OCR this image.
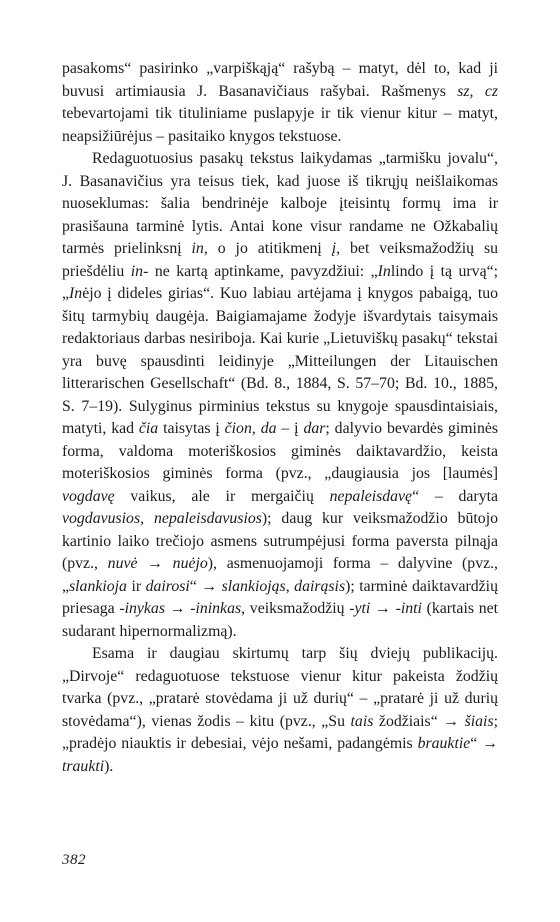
pasakoms“ pasirinko „varpiškąją“ rašybą – matyt, dėl to, kad ji buvusi artimiausia J. Basanavičiaus rašybai. Rašmenys sz, cz tebevartojami tik tituliniame puslapyje ir tik vienur kitur – matyt, neapsižiūrėjus – pasitaiko knygos tekstuose.

Redaguotuosius pasakų tekstus laikydamas „tarmišku jovalu“, J. Basanavičius yra teisus tiek, kad juose iš tikrųjų neišlaikomas nuoseklumas: šalia bendrinėje kalboje įteisintų formų ima ir prasišauna tarminė lytis. Antai kone visur randame ne Ožkabalių tarmės prielinksnį in, o jo atitikmenį į, bet veiksmažodžių su priešdėliu in- ne kartą aptinkame, pavyzdžiui: „Inlindo į tą urvą“; „Inėjo į dideles girias“. Kuo labiau artėjama į knygos pabaigą, tuo šitų tarmybių daugėja. Baigiamajame žodyje išvardytais taisymais redaktoriaus darbas nesiriboja. Kai kurie „Lietuviškų pasakų“ tekstai yra buvę spausdinti leidinyje „Mitteilungen der Litauischen litterarischen Gesellschaft“ (Bd. 8., 1884, S. 57–70; Bd. 10., 1885, S. 7–19). Sulyginus pirminius tekstus su knygoje spausdintaisiais, matyti, kad čia taisytas į čion, da – į dar; dalyvio bevardės giminės forma, valdoma moteriškosios giminės daiktavardžio, keista moteriškosios giminės forma (pvz., „daugiausia jos [laumės] vogdavę vaikus, ale ir mergaičių nepaleisdavę“ – daryta vogdavusios, nepaleisdavusios); daug kur veiksmažodžio būtojo kartinio laiko trečiojo asmens sutrumpėjusi forma paversta pilnąja (pvz., nuvė → nuėjo), asmenuojamoji forma – dalyvine (pvz., „slankioja ir dairosi“ → slankiojąs, dairąsis); tarminė daiktavardžių priesaga -inykas → -ininkas, veiksmažodžių -yti → -inti (kartais net sudarant hipernormalizmą).

Esama ir daugiau skirtumų tarp šių dviejų publikacijų. „Dirvoje“ redaguotuose tekstuose vienur kitur pakeista žodžių tvarka (pvz., „pratarė stovėdama ji už durių“ – „pratarė ji už durių stovėdama“), vienas žodis – kitu (pvz., „Su tais žodžiais“ → šiais; „pradėjo niauktis ir debesiai, vėjo nešami, padangėmis brauktie“ → traukti).

382
